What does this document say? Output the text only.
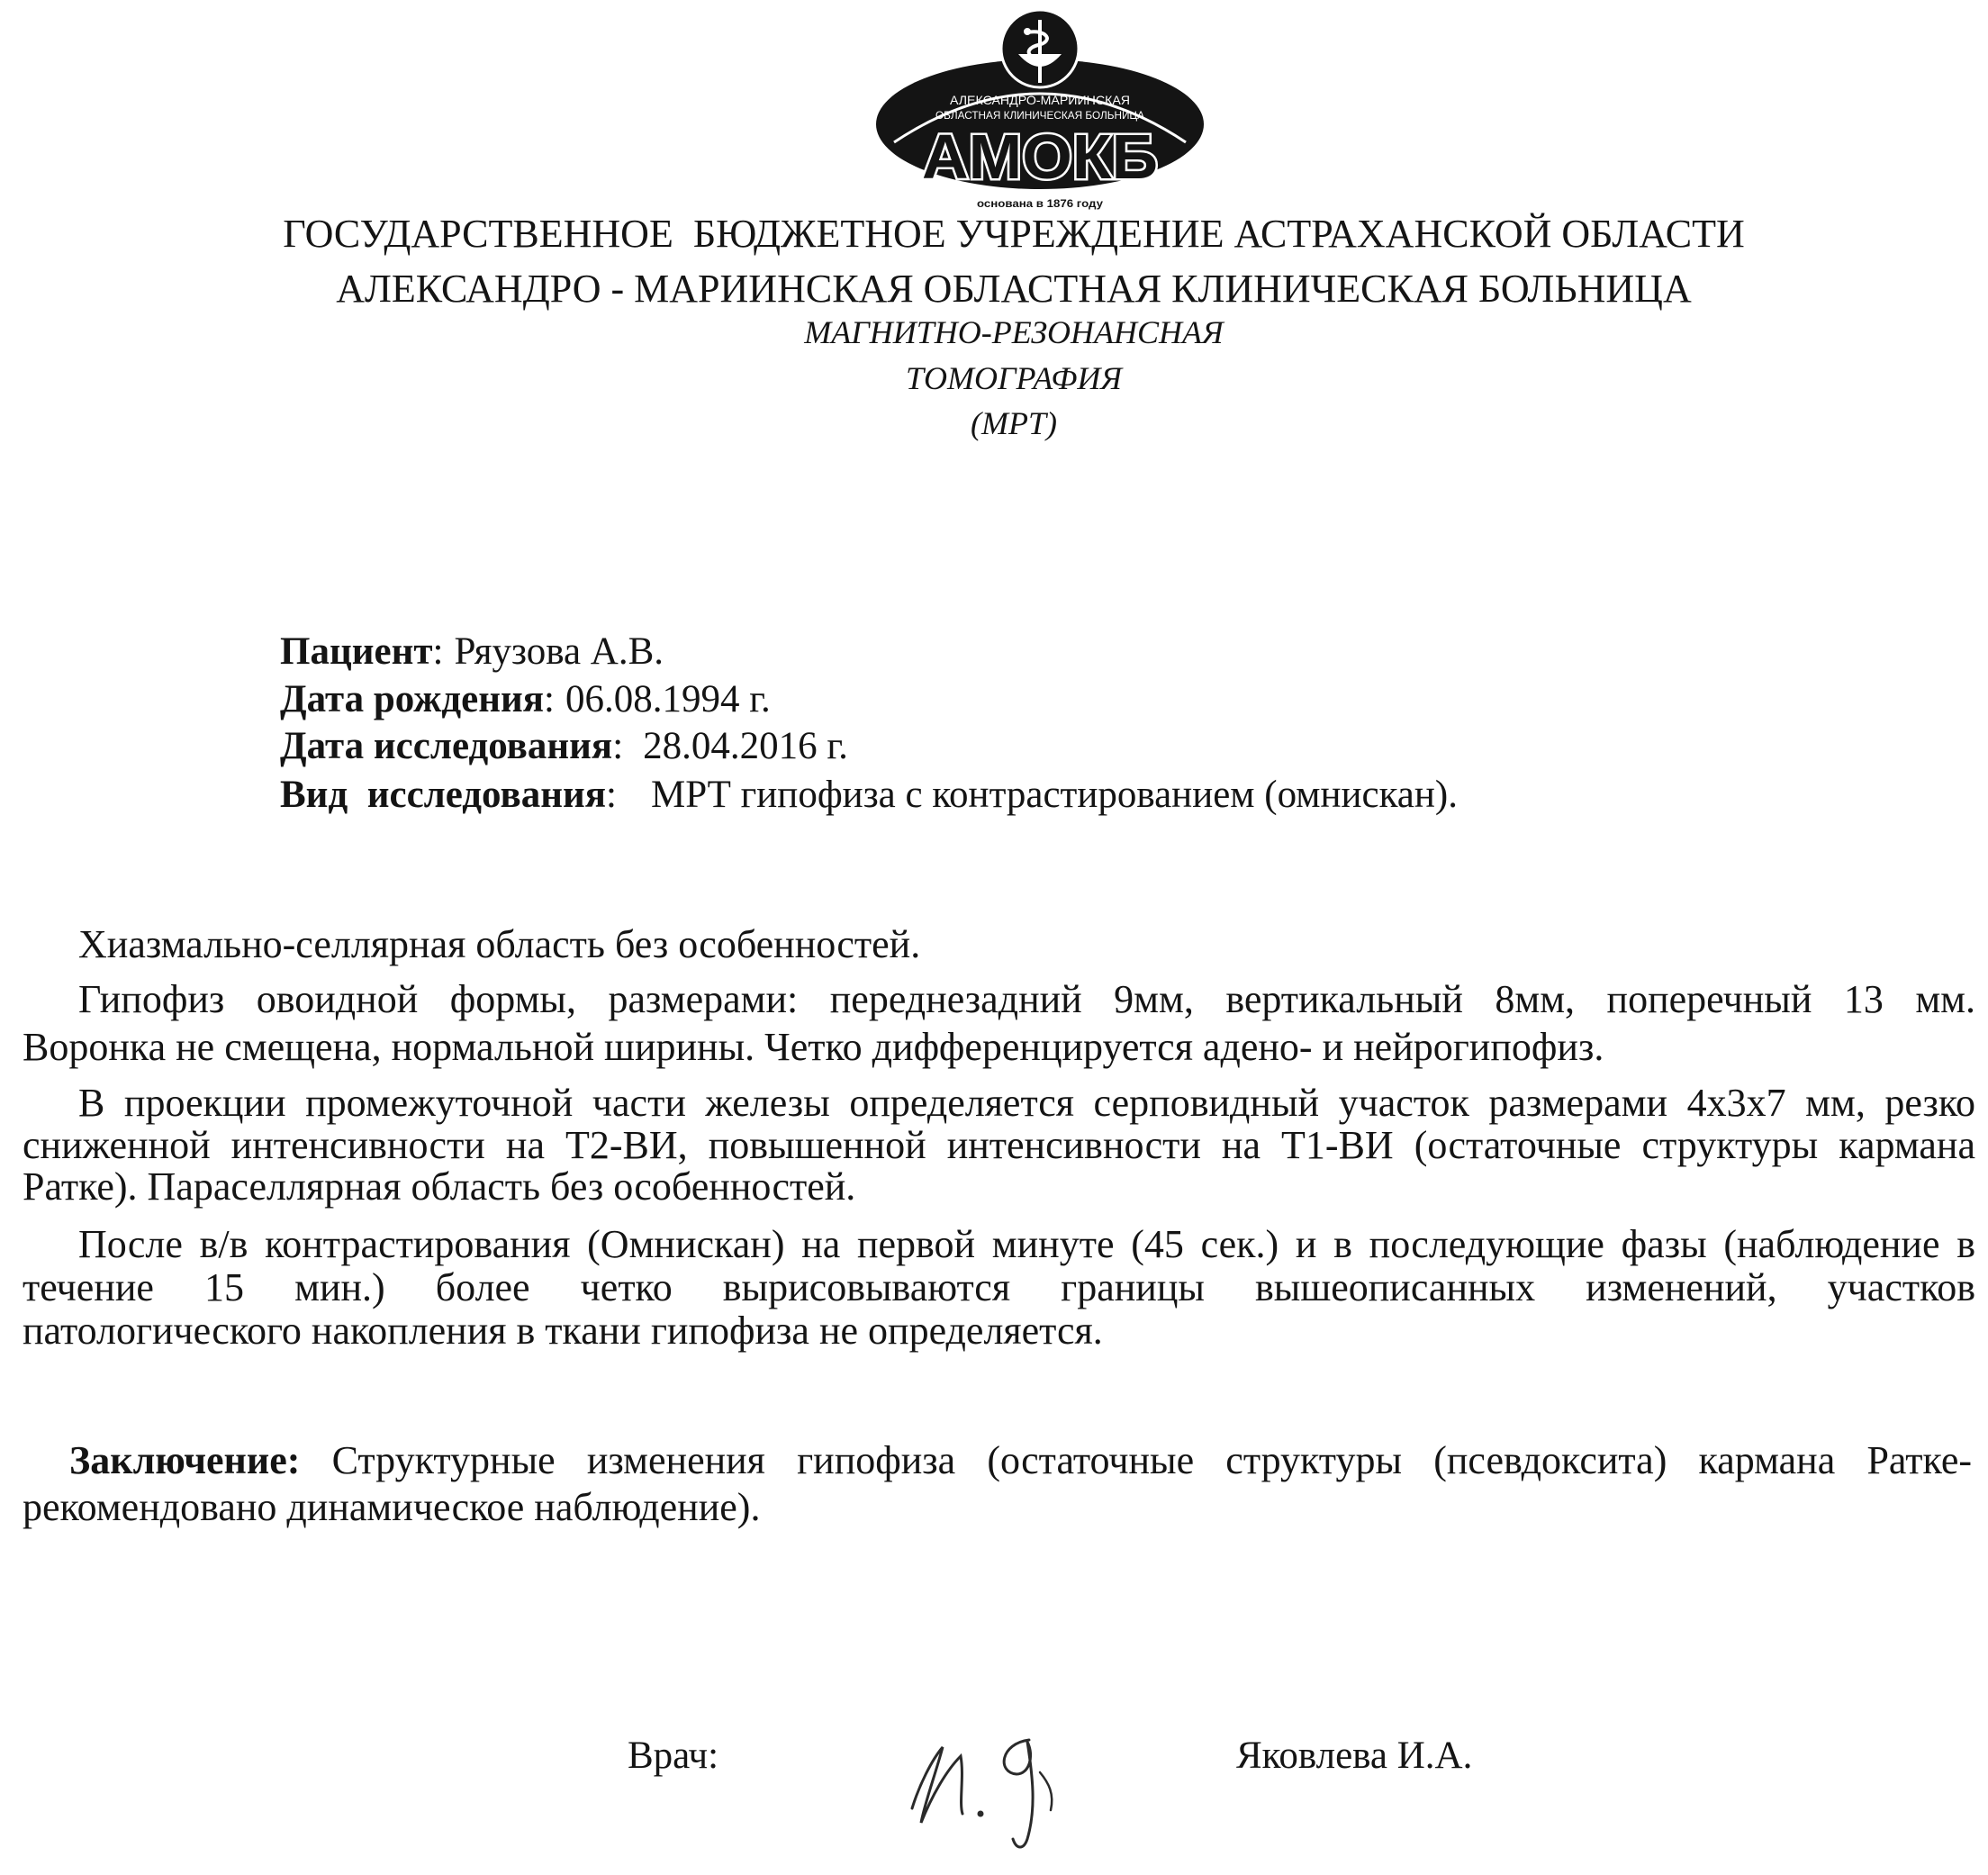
АЛЕКСАНДРО-МАРИИНСКАЯ
ОБЛАСТНАЯ КЛИНИЧЕСКАЯ БОЛЬНИЦА
АМОКБ
основана в 1876 году
ГОСУДАРСТВЕННОЕ  БЮДЖЕТНОЕ УЧРЕЖДЕНИЕ АСТРАХАНСКОЙ ОБЛАСТИ
АЛЕКСАНДРО - МАРИИНСКАЯ ОБЛАСТНАЯ КЛИНИЧЕСКАЯ БОЛЬНИЦА
МАГНИТНО-РЕЗОНАНСНАЯ
ТОМОГРАФИЯ
(МРТ)

Пациент: Ряузова А.В.

Дата рождения: 06.08.1994 г.

Дата исследования: 28.04.2016 г.

Вид  исследования: МРТ гипофиза с контрастированием (омнискан).

Хиазмально-селлярная область без особенностей.
Гипофиз овоидной формы, размерами: переднезадний 9мм, вертикальный 8мм, поперечный 13 мм.
Воронка не смещена, нормальной ширины. Четко дифференцируется адено- и нейрогипофиз.
В проекции промежуточной части железы определяется серповидный участок размерами 4х3х7 мм, резко
сниженной интенсивности на Т2-ВИ, повышенной интенсивности на Т1-ВИ (остаточные структуры кармана
Ратке). Параселлярная область без особенностей.
После в/в контрастирования (Омнискан) на первой минуте (45 сек.) и в последующие фазы (наблюдение в
течение 15 мин.) более четко вырисовываются границы вышеописанных изменений, участков
патологического накопления в ткани гипофиза не определяется.
Заключение: Структурные изменения гипофиза (остаточные структуры (псевдоксита) кармана Ратке-
рекомендовано динамическое наблюдение).
Врач:	Яковлева И.А.
